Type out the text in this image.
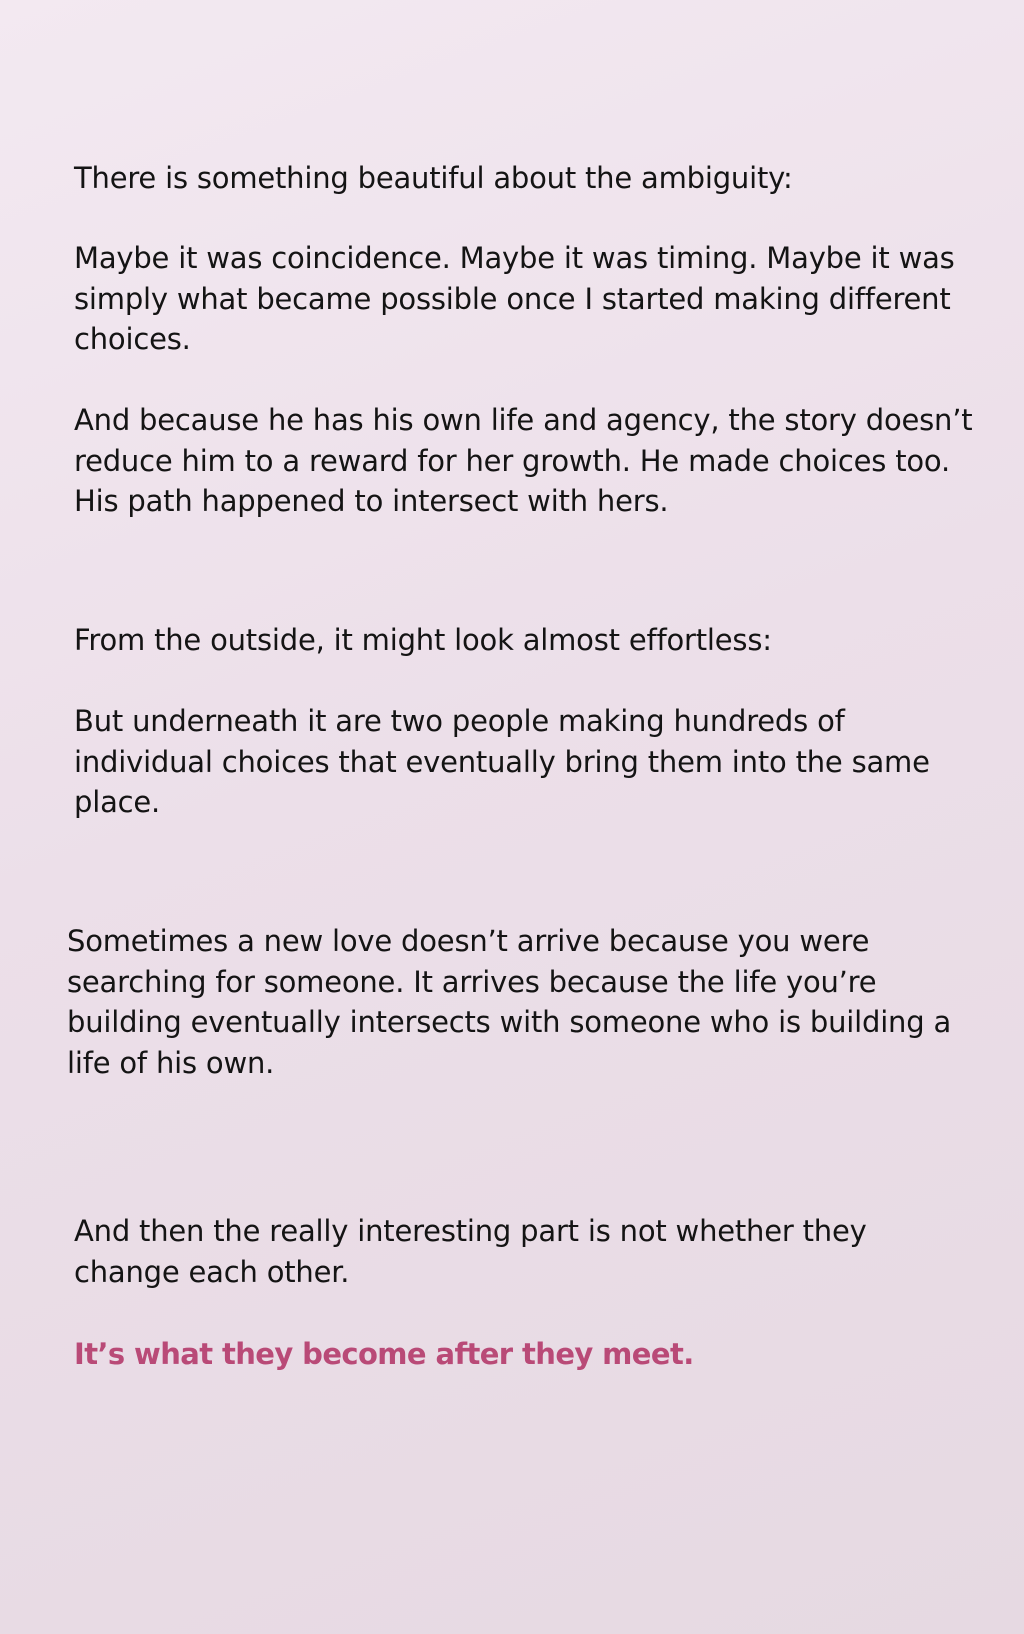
There is something beautiful about the ambiguity:

Maybe it was coincidence. Maybe it was timing. Maybe it was simply what became possible once I started making different choices.

And because he has his own life and agency, the story doesn’t reduce him to a reward for her growth. He made choices too. His path happened to intersect with hers.

From the outside, it might look almost effortless:

But underneath it are two people making hundreds of individual choices that eventually bring them into the same place.

Sometimes a new love doesn’t arrive because you were searching for someone. It arrives because the life you’re building eventually intersects with someone who is building a life of his own.

And then the really interesting part is not whether they change each other.

It’s what they become after they meet.
